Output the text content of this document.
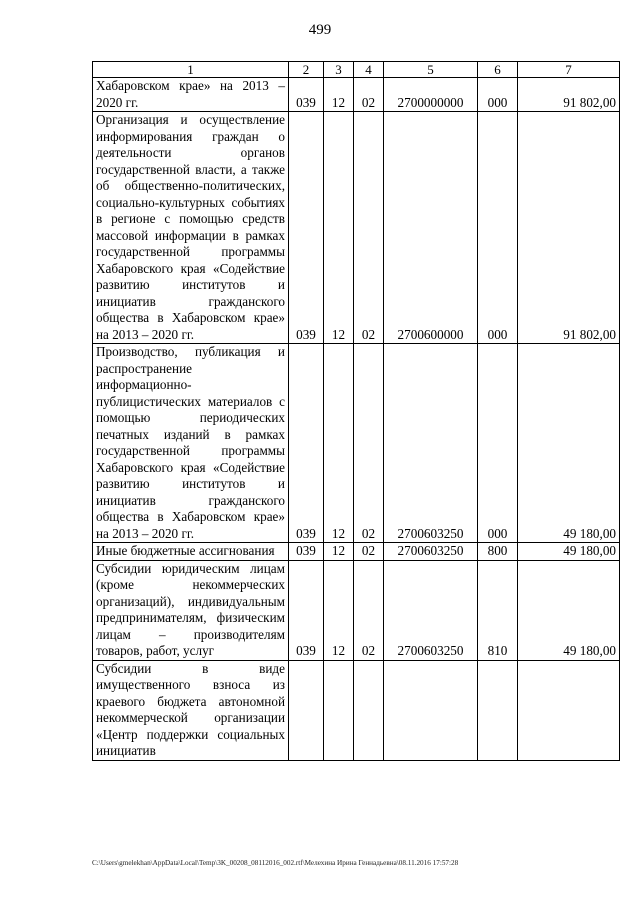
499
1	2	3	4	5	6	7
Хабаровском крае» на 2013 – 2020 гг.	039	12	02	2700000000	000	91 802,00
Организация и осуществление информирования граждан о деятельности органов государственной власти, а также об общественно-политических, социально-культурных событиях в регионе с помощью средств массовой информации в рамках государственной программы Хабаровского края «Содействие развитию институтов и инициатив гражданского общества в Хабаровском крае» на 2013 – 2020 гг.	039	12	02	2700600000	000	91 802,00
Производство, публикация и распространение информационно-публицистических материалов с помощью периодических печатных изданий в рамках государственной программы Хабаровского края «Содействие развитию институтов и инициатив гражданского общества в Хабаровском крае» на 2013 – 2020 гг.	039	12	02	2700603250	000	49 180,00
Иные бюджетные ассигнования	039	12	02	2700603250	800	49 180,00
Субсидии юридическим лицам (кроме некоммерческих организаций), индивидуальным предпринимателям, физическим лицам – производителям товаров, работ, услуг	039	12	02	2700603250	810	49 180,00
Субсидии в виде имущественного взноса из краевого бюджета автономной некоммерческой организации «Центр поддержки социальных инициатив						
C:\Users\gmelekhan\AppData\Local\Temp\3K_00208_08112016_002.rtf\Мелехина Ирина Геннадьевна\08.11.2016 17:57:28
